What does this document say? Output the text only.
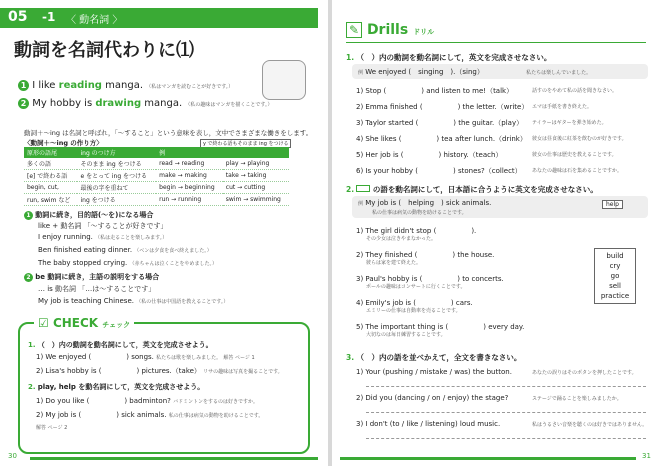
05 -1 〈 動名詞 〉
動詞を名詞代わりに⑴
1 I like reading manga. （私はマンガを読むことが好きです。）
2 My hobby is drawing manga. （私の趣味はマンガを描くことです。）
動詞＋～ing は名詞と呼ばれ，「～すること」という意味を表し，文中でさまざまな働きをします。
〈動詞＋～ing の作り方〉	y で終わる語もそのまま ing をつける
原形の語尾	ing のつけ方	例	
多くの語	そのまま ing をつける	read → reading	play → playing
[e] で終わる語	e をとって ing をつける	make → making	take → taking
begin, cut,	最後の字を重ねて	begin → beginning	cut → cutting
run, swim など	ing をつける	run → running	swim → swimming
1 動詞に続き，目的語(～を)になる場合
like + 動名詞 「～することが好きです」
I enjoy running. （私は走ることを楽しみます。）
Ben finished eating dinner. （ベンは夕食を食べ終えました。）
The baby stopped crying. （赤ちゃんは泣くことをやめました。）
2 be 動詞に続き，主語の説明をする場合
… is 動名詞 「…は～することです」
My job is teaching Chinese. （私の仕事は中国語を教えることです。）
☑ CHECK チェック
1. （　）内の動詞を動名詞にして，英文を完成させよう。
1) We enjoyed (　　　　　) songs. 私たちは歌を楽しみました。 解答 ページ 1
2) Lisa's hobby is (　　　　　) pictures.（take） リサの趣味は写真を撮ることです。
2. play, help を動名詞にして，英文を完成させよう。
1) Do you like (　　　　　) badminton? バドミントンをするのは好きですか。
2) My job is (　　　　　) sick animals. 私の仕事は病気の動物を助けることです。
解答 ページ 2
30
✎ Drills ドリル
1. （　）内の動詞を動名詞にして，英文を完成させなさい。
例 We enjoyed (　singing　).（sing）	私たちは楽しんでいました。
2.	の語を動名詞にして，日本語に合うように英文を完成させなさい。
例 My job is (　helping　) sick animals.
私の仕事は病気の動物を助けることです。
help
build
cry
go
sell
practice
3. （　）内の語を並べかえて，全文を書きなさい。
31
1) Stop (　　　　　) and listen to me!（talk）	話すのをやめて私の話を聞きなさい。
2) Emma finished (　　　　　) the letter.（write） エマは手紙を書き終えた。
3) Taylor started (　　　　　) the guitar.（play） テイラーはギターを弾き始めた。
4) She likes (　　　　　) tea after lunch.（drink） 彼女は昼食後に紅茶を飲むのが好きです。
5) Her job is (　　　　　) history.（teach）	彼女の仕事は歴史を教えることです。
6) Is your hobby (　　　　　) stones?（collect） あなたの趣味は石を集めることですか。
1) The girl didn't stop (　　　　　).
その少女は泣きやまなかった。
2) They finished (　　　　　) the house.
彼らは家を建て終えた。
3) Paul's hobby is (　　　　　) to concerts.
ポールの趣味はコンサートに行くことです。
4) Emily's job is (　　　　　) cars.
エミリーの仕事は自動車を売ることです。
5) The important thing is (　　　　　) every day.
大切なのは毎日練習することです。
1) Your (pushing / mistake / was) the button.	あなたの誤りはそのボタンを押したことです。
2) Did you (dancing / on / enjoy) the stage?	ステージで踊ることを楽しみましたか。
3) I don't (to / like / listening) loud music.	私はうるさい音楽を聴くのは好きではありません。
